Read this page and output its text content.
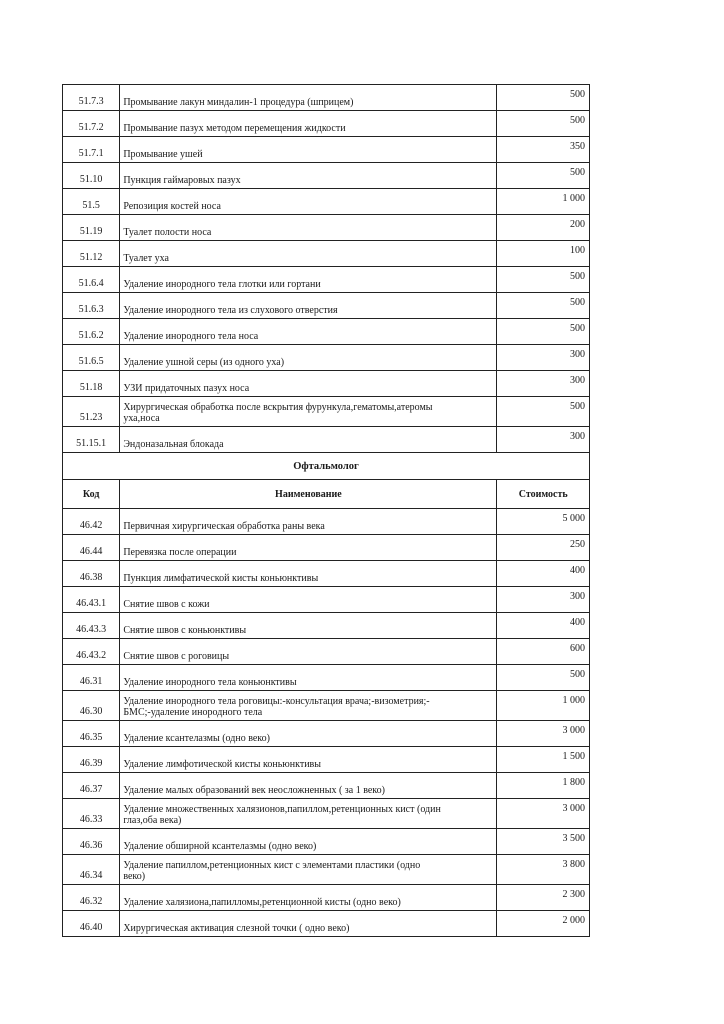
51.7.3	Промывание лакун миндалин-1 процедура (шприцем)	500
51.7.2	Промывание пазух методом перемещения жидкости	500
51.7.1	Промывание ушей	350
51.10	Пункция гаймаровых пазух	500
51.5	Репозиция костей носа	1 000
51.19	Туалет полости носа	200
51.12	Туалет уха	100
51.6.4	Удаление инородного тела глотки или гортани	500
51.6.3	Удаление инородного тела из слухового отверстия	500
51.6.2	Удаление инородного тела носа	500
51.6.5	Удаление ушной серы (из одного уха)	300
51.18	УЗИ придаточных пазух носа	300
51.23	Хирургическая обработка после вскрытия фурункула,гематомы,атеромы
уха,носа	500
51.15.1	Эндоназальная блокада	300
Офтальмолог		
Код	Наименование	Стоимость
46.42	Первичная хирургическая обработка раны века	5 000
46.44	Перевязка после операции	250
46.38	Пункция лимфатической кисты коньюнктивы	400
46.43.1	Снятие швов с кожи	300
46.43.3	Снятие швов с коньюнктивы	400
46.43.2	Снятие швов с роговицы	600
46.31	Удаление инородного тела коньюнктивы	500
46.30	Удаление инородного тела роговицы:-консультация врача;-визометрия;-
БМС;-удаление инородного тела	1 000
46.35	Удаление ксантелазмы (одно веко)	3 000
46.39	Удаление лимфотической кисты коньюнктивы	1 500
46.37	Удаление малых образований век неосложненных ( за 1 веко)	1 800
46.33	Удаление множественных халязионов,папиллом,ретенционных кист (один
глаз,оба века)	3 000
46.36	Удаление обширной ксантелазмы (одно веко)	3 500
46.34	Удаление папиллом,ретенционных кист с элементами пластики (одно
веко)	3 800
46.32	Удаление халязиона,папилломы,ретенционной кисты (одно веко)	2 300
46.40	Хирургическая активация слезной точки ( одно веко)	2 000
